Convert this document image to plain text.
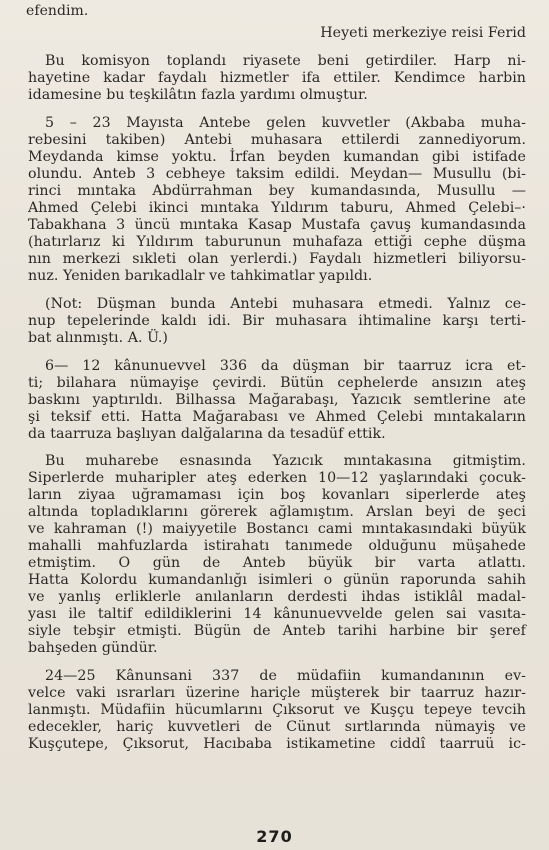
efendim.
Heyeti merkeziye reisi Ferid
Bu komisyon toplandı riyasete beni getirdiler. Harp ni-
hayetine kadar faydalı hizmetler ifa ettiler. Kendimce harbin
idamesine bu teşkilâtın fazla yardımı olmuştur.
5 – 23 Mayısta Antebe gelen kuvvetler (Akbaba muha-
rebesini takiben) Antebi muhasara ettilerdi zannediyorum.
Meydanda kimse yoktu. İrfan beyden kumandan gibi istifade
olundu. Anteb 3 cebheye taksim edildi. Meydan— Musullu (bi-
rinci mıntaka Abdürrahman bey kumandasında, Musullu —
Ahmed Çelebi ikinci mıntaka Yıldırım taburu, Ahmed Çelebi–·
Tabakhana 3 üncü mıntaka Kasap Mustafa çavuş kumandasında
(hatırlarız ki Yıldırım taburunun muhafaza ettiği cephe düşma
nın merkezi sıkleti olan yerlerdi.) Faydalı hizmetleri biliyorsu-
nuz. Yeniden barıkadlalr ve tahkimatlar yapıldı.
(Not: Düşman bunda Antebi muhasara etmedi. Yalnız ce-
nup tepelerinde kaldı idi. Bir muhasara ihtimaline karşı terti-
bat alınmıştı. A. Ü.)
6— 12 kânunuevvel 336 da düşman bir taarruz icra et-
ti; bilahara nümayişe çevirdi. Bütün cephelerde ansızın ateş
baskını yaptırıldı. Bilhassa Mağarabaşı, Yazıcık semtlerine ate
şi teksif etti. Hatta Mağarabası ve Ahmed Çelebi mıntakaların
da taarruza başlıyan dalğalarına da tesadüf ettik.
Bu muharebe esnasında Yazıcık mıntakasına gitmiştim.
Siperlerde muharipler ateş ederken 10—12 yaşlarındaki çocuk-
ların ziyaa uğramaması için boş kovanları siperlerde ateş
altında topladıklarını görerek ağlamıştım. Arslan beyi de şeci
ve kahraman (!) maiyyetile Bostancı cami mıntakasındaki büyük
mahalli mahfuzlarda istirahatı tanımede olduğunu müşahede
etmiştim. O gün de Anteb büyük bir varta atlattı.
Hatta Kolordu kumandanlığı isimleri o günün raporunda sahih
ve yanlış erliklerle anılanların derdesti ihdas istiklâl madal-
yası ile taltif edildiklerini 14 kânunuevvelde gelen sai vasıta-
siyle tebşir etmişti. Bügün de Anteb tarihi harbine bir şeref
bahşeden gündür.
24—25 Kânunsani 337 de müdafiin kumandanının ev-
velce vaki ısrarları üzerine hariçle müşterek bir taarruz hazır-
lanmıştı. Müdafiin hücumlarını Çıksorut ve Kuşçu tepeye tevcih
edecekler, hariç kuvvetleri de Cünut sırtlarında nümayiş ve
Kuşçutepe, Çıksorut, Hacıbaba istikametine ciddî taarruü ic-
270
